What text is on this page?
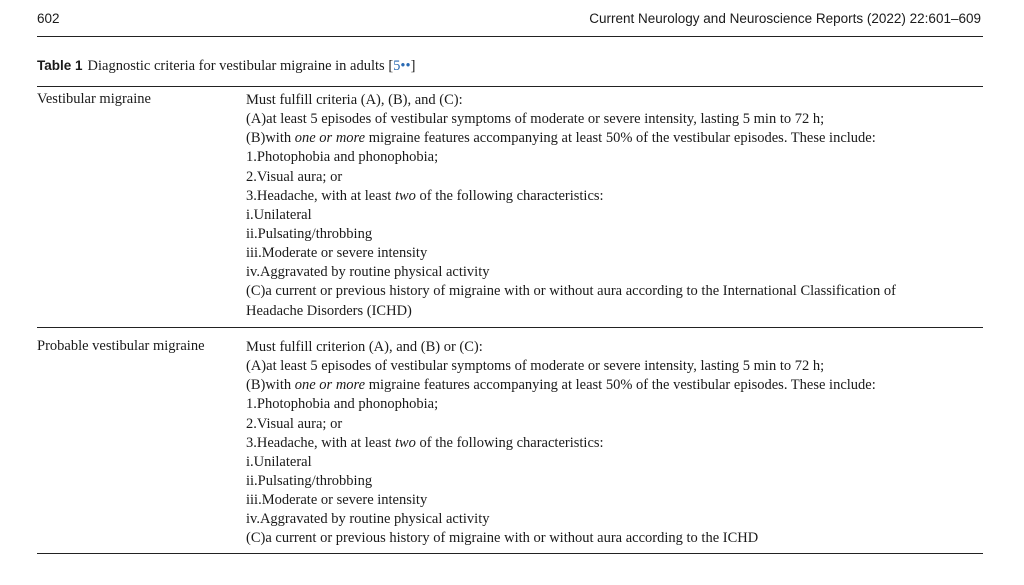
602	Current Neurology and Neuroscience Reports (2022) 22:601–609
Table 1 Diagnostic criteria for vestibular migraine in adults [5••]
Vestibular migraine	Must fulfill criteria (A), (B), and (C):
(A)at least 5 episodes of vestibular symptoms of moderate or severe intensity, lasting 5 min to 72 h;
(B)with one or more migraine features accompanying at least 50% of the vestibular episodes. These include:
1.Photophobia and phonophobia;
2.Visual aura; or
3.Headache, with at least two of the following characteristics:
i.Unilateral
ii.Pulsating/throbbing
iii.Moderate or severe intensity
iv.Aggravated by routine physical activity
(C)a current or previous history of migraine with or without aura according to the International Classification of
Headache Disorders (ICHD)
Probable vestibular migraine	Must fulfill criterion (A), and (B) or (C):
(A)at least 5 episodes of vestibular symptoms of moderate or severe intensity, lasting 5 min to 72 h;
(B)with one or more migraine features accompanying at least 50% of the vestibular episodes. These include:
1.Photophobia and phonophobia;
2.Visual aura; or
3.Headache, with at least two of the following characteristics:
i.Unilateral
ii.Pulsating/throbbing
iii.Moderate or severe intensity
iv.Aggravated by routine physical activity
(C)a current or previous history of migraine with or without aura according to the ICHD
